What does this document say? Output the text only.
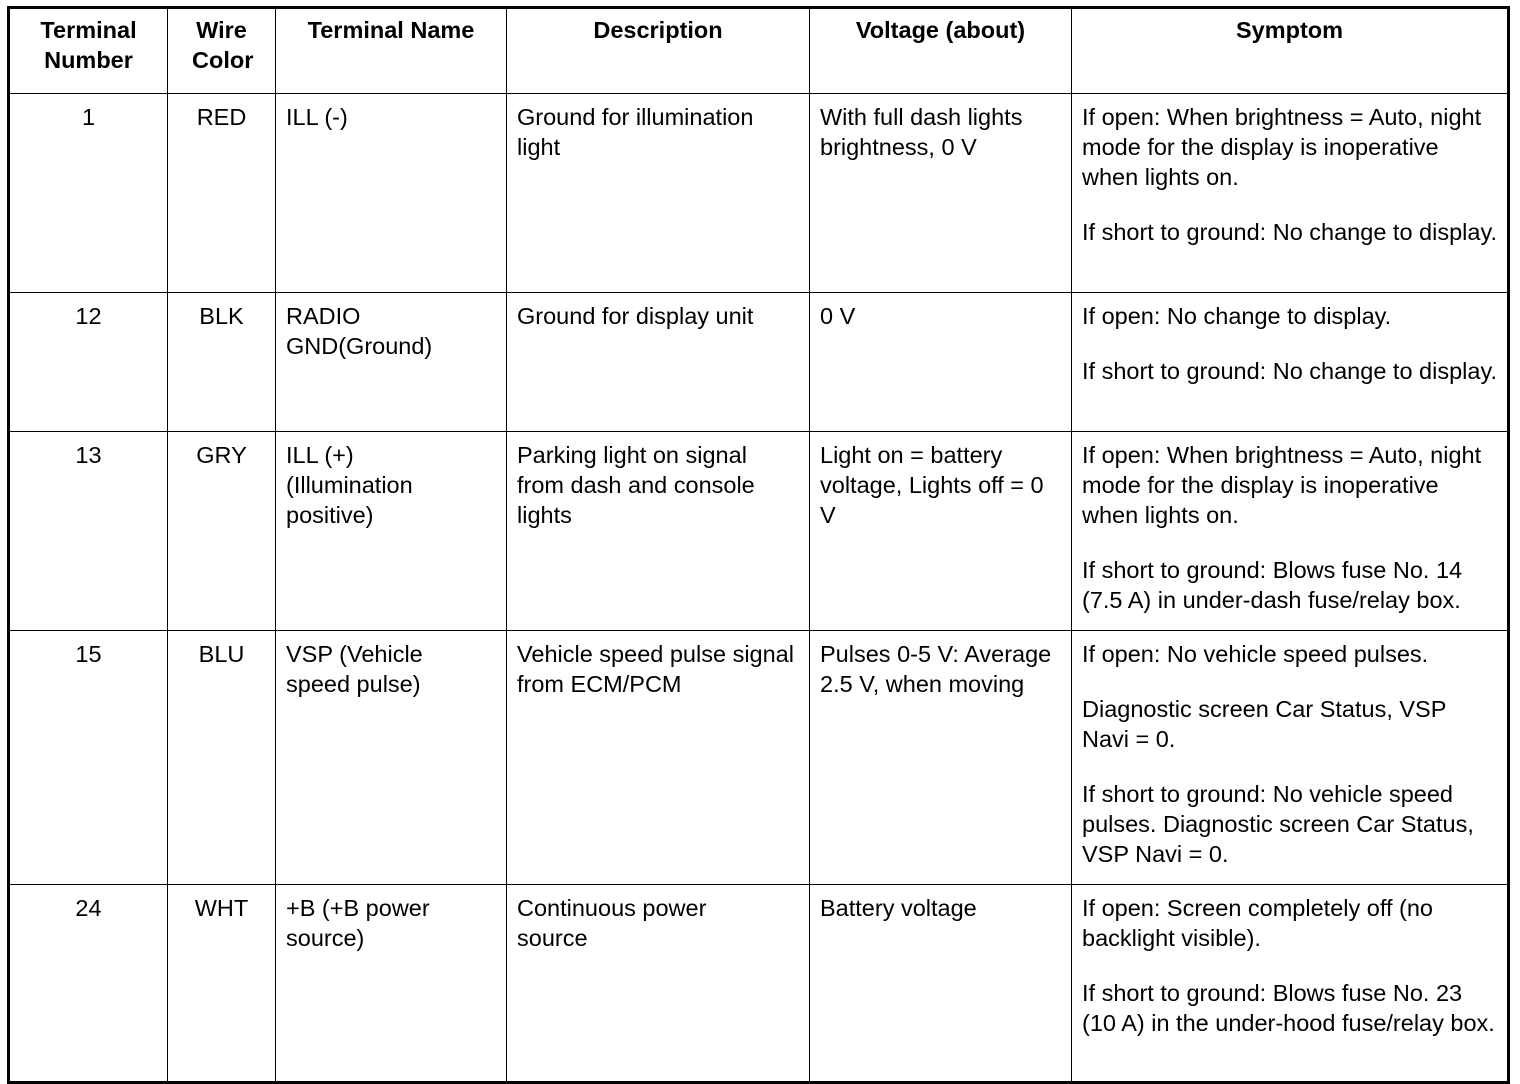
Terminal Number	Wire Color	Terminal Name	Description	Voltage (about)	Symptom
1	RED	ILL (-)	Ground for illumination light	With full dash lights brightness, 0 V	If open: When brightness = Auto, night mode for the display is inoperative when lights on.

If short to ground: No change to display.

12	BLK	RADIO GND(Ground)	Ground for display unit	0 V	If open: No change to display.

If short to ground: No change to display.

13	GRY	ILL (+) (Illumination positive)	Parking light on signal from dash and console lights	Light on = battery voltage, Lights off = 0 V	If open: When brightness = Auto, night mode for the display is inoperative when lights on.

If short to ground: Blows fuse No. 14 (7.5 A) in under-dash fuse/relay box.

15	BLU	VSP (Vehicle speed pulse)	Vehicle speed pulse signal from ECM/PCM	Pulses 0-5 V: Average 2.5 V, when moving	If open: No vehicle speed pulses.

Diagnostic screen Car Status, VSP Navi = 0.

If short to ground: No vehicle speed pulses. Diagnostic screen Car Status, VSP Navi = 0.

24	WHT	+B (+B power source)	Continuous power source	Battery voltage	If open: Screen completely off (no backlight visible).

If short to ground: Blows fuse No. 23 (10 A) in the under-hood fuse/relay box.
